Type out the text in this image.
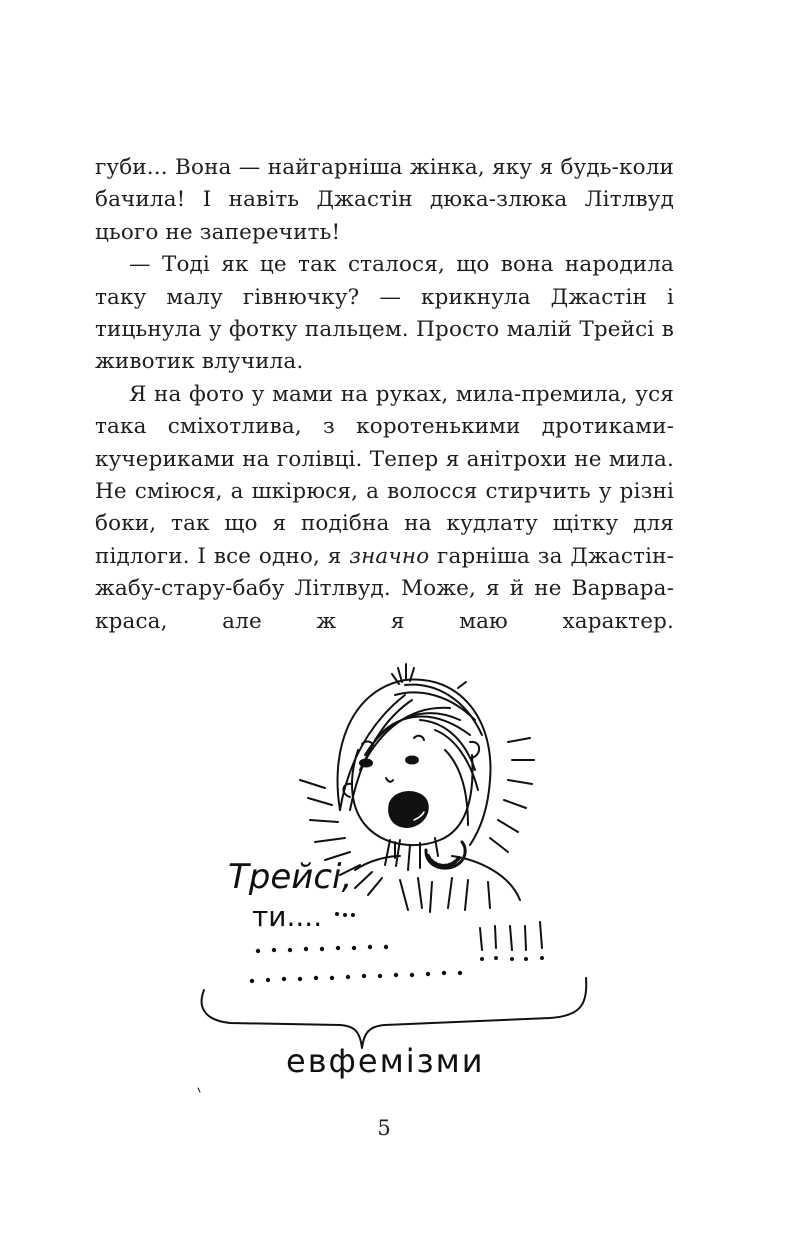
губи... Вона — найгарніша жінка, яку я будь-коли бачила! І навіть Джастін дюка-злюка Літлвуд цього не заперечить!

— Тоді як це так сталося, що вона народила таку малу гівнючку? — крикнула Джастін і тицьнула у фотку пальцем. Просто малій Трейсі в животик влучила.

Я на фото у мами на руках, мила-премила, уся така сміхотлива, з коротенькими дротиками-кучериками на голівці. Тепер я анітрохи не мила. Не сміюся, а шкірюся, а волосся стирчить у різні боки, так що я подібна на кудлату щітку для підлоги. І все одно, я значно гарніша за Джастін-жабу-стару-бабу Літлвуд. Може, я й не Варвара-краса, але ж я маю характер.

Трейсі,
ти....
евфемізми
5
